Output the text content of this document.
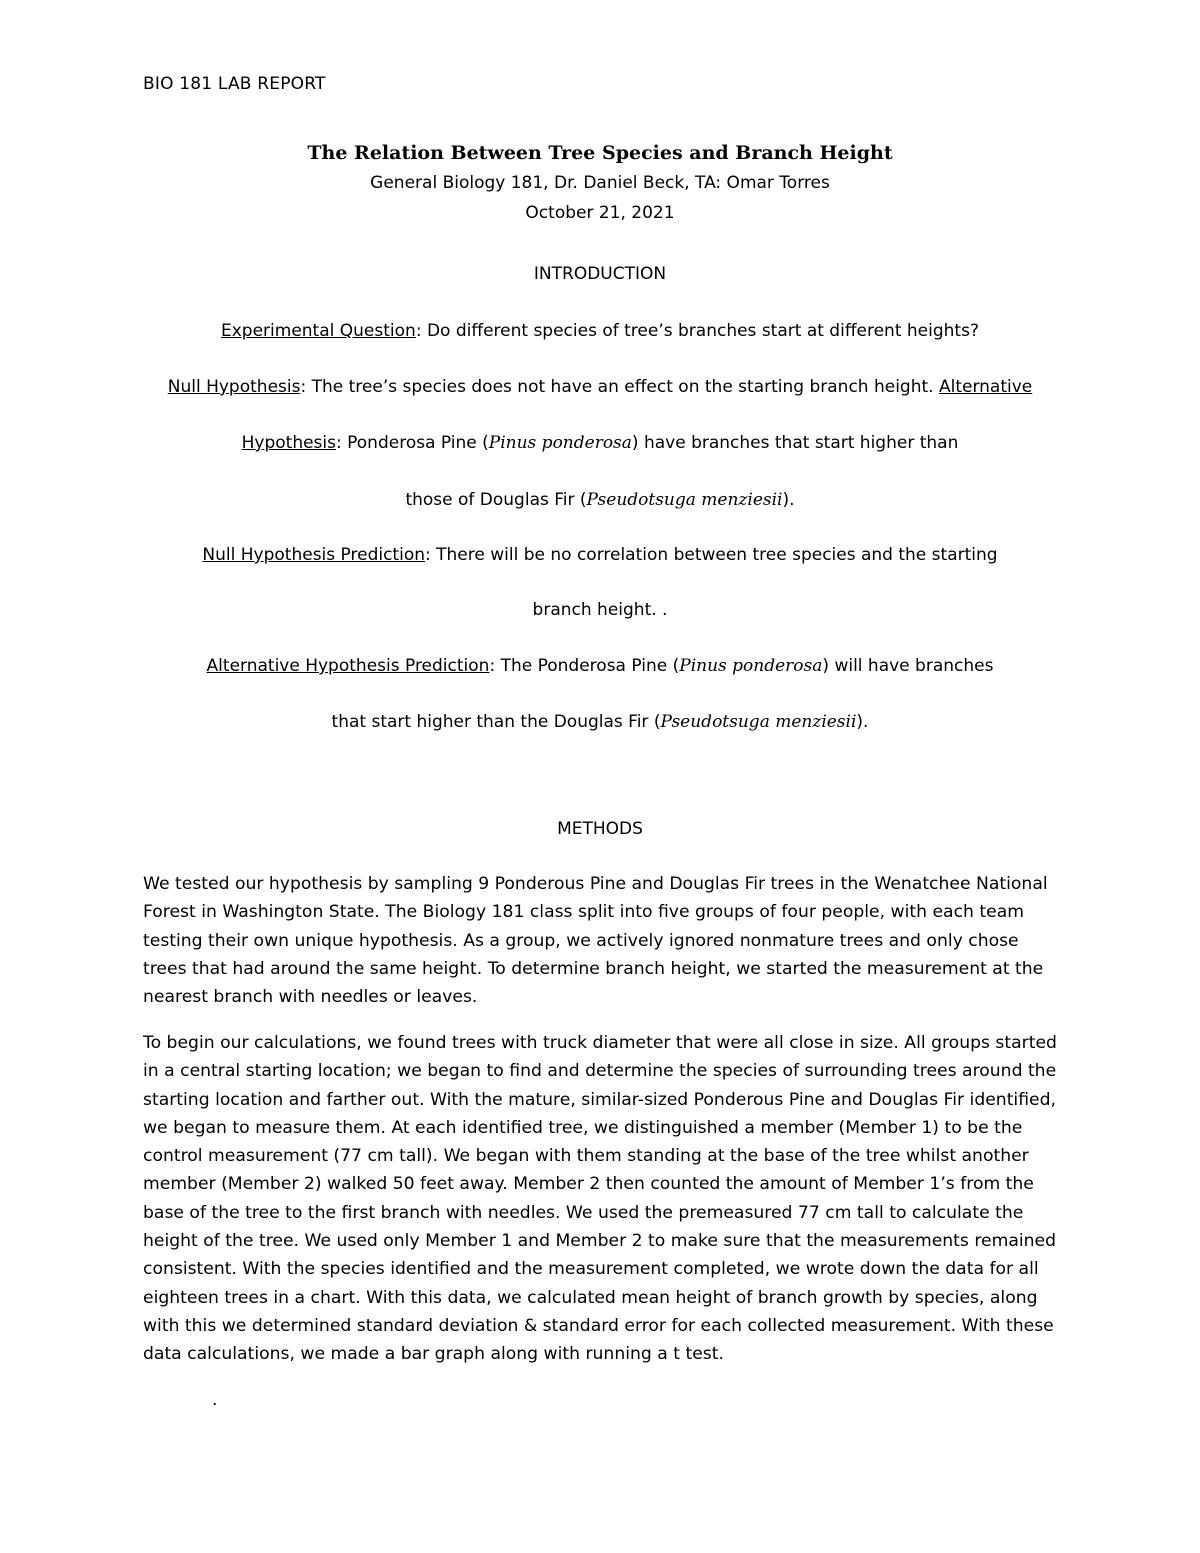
BIO 181 LAB REPORT
The Relation Between Tree Species and Branch Height
General Biology 181, Dr. Daniel Beck, TA: Omar Torres
October 21, 2021
INTRODUCTION
Experimental Question: Do different species of tree’s branches start at different heights?
Null Hypothesis: The tree’s species does not have an effect on the starting branch height. Alternative
Hypothesis: Ponderosa Pine (Pinus ponderosa) have branches that start higher than
those of Douglas Fir (Pseudotsuga menziesii).
Null Hypothesis Prediction: There will be no correlation between tree species and the starting
branch height. .
Alternative Hypothesis Prediction: The Ponderosa Pine (Pinus ponderosa) will have branches
that start higher than the Douglas Fir (Pseudotsuga menziesii).
METHODS
We tested our hypothesis by sampling 9 Ponderous Pine and Douglas Fir trees in the Wenatchee National Forest in Washington State. The Biology 181 class split into five groups of four people, with each team testing their own unique hypothesis. As a group, we actively ignored nonmature trees and only chose trees that had around the same height. To determine branch height, we started the measurement at the nearest branch with needles or leaves.
To begin our calculations, we found trees with truck diameter that were all close in size. All groups started in a central starting location; we began to find and determine the species of surrounding trees around the starting location and farther out. With the mature, similar-sized Ponderous Pine and Douglas Fir identified, we began to measure them. At each identified tree, we distinguished a member (Member 1) to be the control measurement (77 cm tall). We began with them standing at the base of the tree whilst another member (Member 2) walked 50 feet away. Member 2 then counted the amount of Member 1’s from the base of the tree to the first branch with needles. We used the premeasured 77 cm tall to calculate the height of the tree. We used only Member 1 and Member 2 to make sure that the measurements remained consistent. With the species identified and the measurement completed, we wrote down the data for all eighteen trees in a chart. With this data, we calculated mean height of branch growth by species, along with this we determined standard deviation & standard error for each collected measurement. With these data calculations, we made a bar graph along with running a t test.
.
